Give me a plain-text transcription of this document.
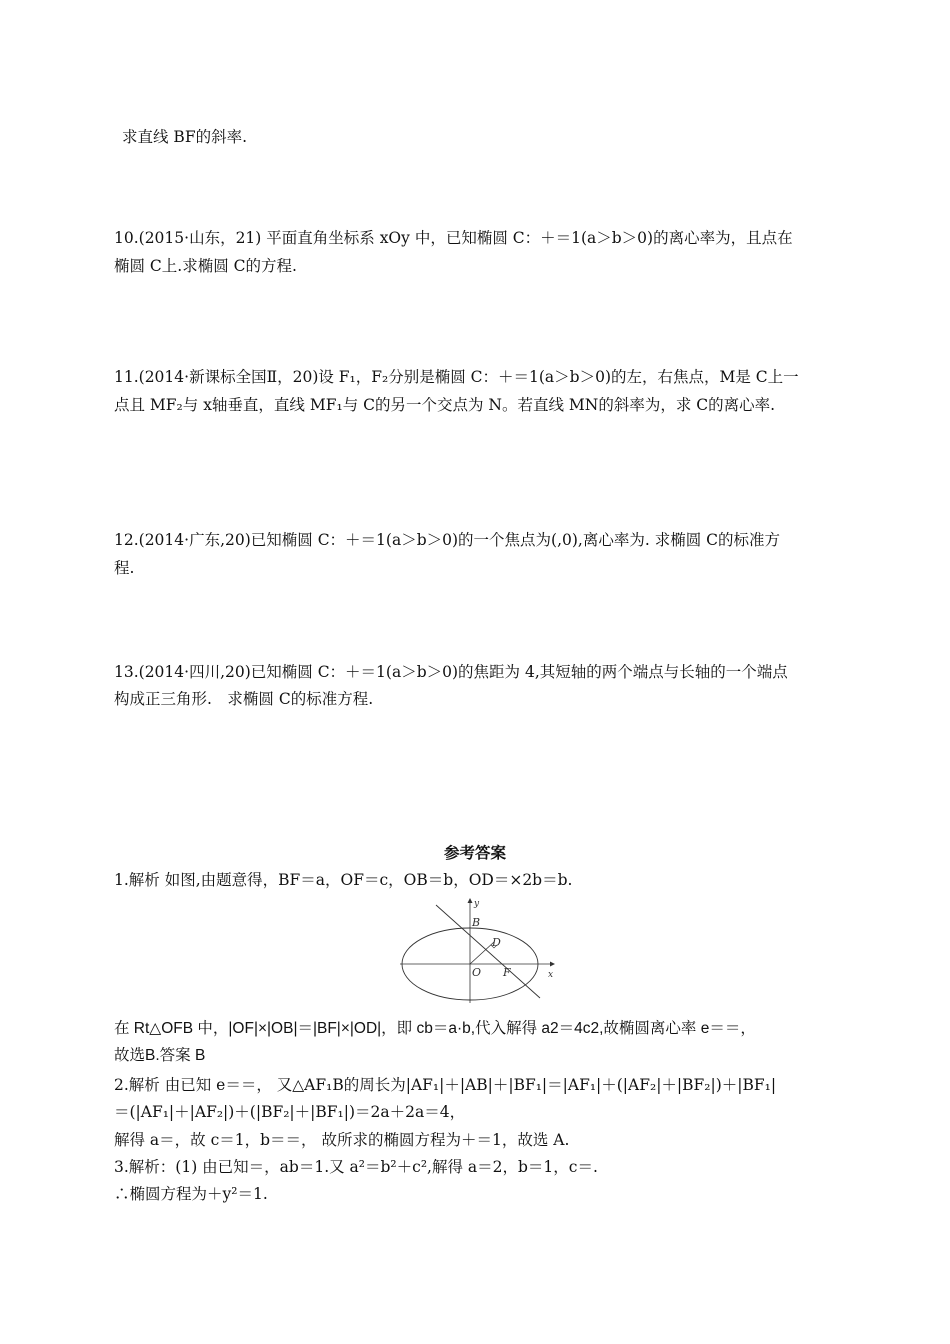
求直线 BF的斜率.
10.(2015·山东，21) 平面直角坐标系 xOy 中，已知椭圆 C：＋＝1(a＞b＞0)的离心率为，且点在
椭圆 C上.求椭圆 C的方程.
11.(2014·新课标全国Ⅱ，20)设 F₁，F₂分别是椭圆 C：＋＝1(a＞b＞0)的左，右焦点，M是 C上一
点且 MF₂与 x轴垂直，直线 MF₁与 C的另一个交点为 N。若直线 MN的斜率为，求 C的离心率.
12.(2014·广东,20)已知椭圆 C：＋＝1(a＞b＞0)的一个焦点为(,0),离心率为. 求椭圆 C的标准方
程.
13.(2014·四川,20)已知椭圆 C：＋＝1(a＞b＞0)的焦距为 4,其短轴的两个端点与长轴的一个端点
构成正三角形.　求椭圆 C的标准方程.
参考答案
1.解析 如图,由题意得，BF＝a，OF＝c，OB＝b，OD＝×2b＝b.
y
x
B
D
O F
在 Rt△OFB 中，|OF|×|OB|＝|BF|×|OD|，即 cb＝a·b,代入解得 a2＝4c2,故椭圆离心率 e＝＝，
故选B.答案 B
2.解析 由已知 e＝＝， 又△AF₁B的周长为|AF₁|＋|AB|＋|BF₁|＝|AF₁|＋(|AF₂|＋|BF₂|)＋|BF₁|
＝(|AF₁|＋|AF₂|)＋(|BF₂|＋|BF₁|)＝2a＋2a＝4，
解得 a＝，故 c＝1，b＝＝， 故所求的椭圆方程为＋＝1，故选 A.
3.解析：(1) 由已知＝，ab＝1.又 a²＝b²＋c²,解得 a＝2，b＝1，c＝.
∴椭圆方程为＋y²＝1.
